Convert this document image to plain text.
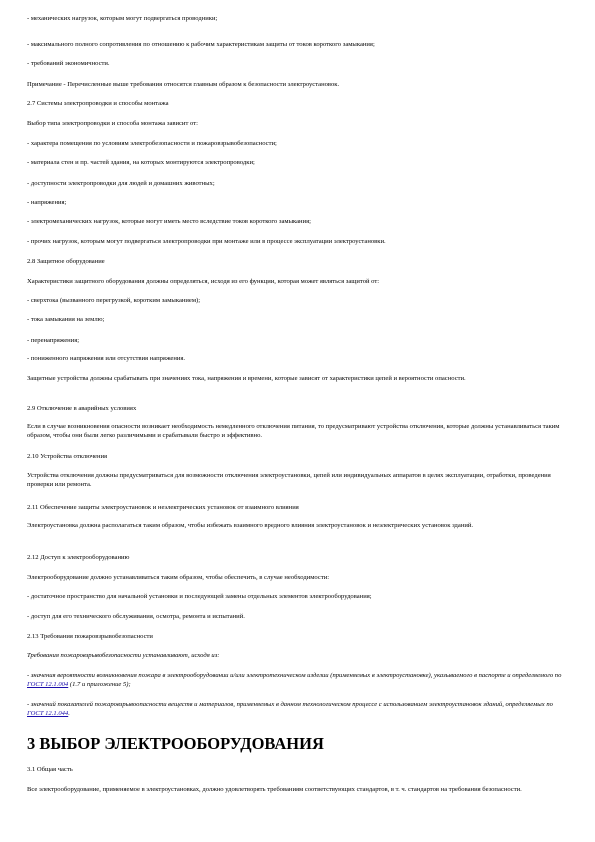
- механических нагрузок, которым могут подвергаться проводники;
- максимального полного сопротивления по отношению к рабочим характеристикам защиты от токов короткого замыкания;
- требований экономичности.
Примечание - Перечисленные выше требования относятся главным образом к безопасности электроустановок.
2.7 Системы электропроводки и способы монтажа
Выбор типа электропроводки и способа монтажа зависит от:
- характера помещения по условиям электробезопасности и пожаровзрывобезопасности;
- материала стен и пр. частей здания, на которых монтируются электропроводки;
- доступности электропроводки для людей и домашних животных;
- напряжения;
- электромеханических нагрузок, которые могут иметь место вследствие токов короткого замыкания;
- прочих нагрузок, которым могут подвергаться электропроводки при монтаже или в процессе эксплуатации электроустановки.
2.8 Защитное оборудование
Характеристики защитного оборудования должны определяться, исходя из его функции, которая может являться защитой от:
- сверхтока (вызванного перегрузкой, коротким замыканием);
- тока замыкания на землю;
- перенапряжения;
- пониженного напряжения или отсутствия напряжения.
Защитные устройства должны срабатывать при значениях тока, напряжения и времени, которые зависят от характеристики цепей и вероятности опасности.
2.9 Отключение в аварийных условиях
Если в случае возникновения опасности возникает необходимость немедленного отключения питания, то предусматривают устройства отключения, которые должны устанавливаться таким образом, чтобы они были легко различимыми и срабатывали быстро и эффективно.
2.10 Устройства отключения
Устройства отключения должны предусматриваться для возможности отключения электроустановки, цепей или индивидуальных аппаратов в целях эксплуатации, отработки, проведения проверки или ремонта.
2.11 Обеспечение защиты электроустановок и неэлектрических установок от взаимного влияния
Электроустановка должна располагаться таким образом, чтобы избежать взаимного вредного влияния электроустановок и неэлектрических установок зданий.
2.12 Доступ к электрооборудованию
Электрооборудование должно устанавливаться таким образом, чтобы обеспечить, в случае необходимости:
- достаточное пространство для начальной установки и последующей замены отдельных элементов электрооборудования;
- доступ для его технического обслуживания, осмотра, ремонта и испытаний.
2.13 Требования пожаровзрывобезопасности
Требования пожаровзрывобезопасности устанавливают, исходя из:
- значения вероятности возникновения пожара в электрооборудовании и/или электротехническом изделии (применяемых в электроустановке), указываемого в паспорте и определяемого по ГОСТ 12.1.004 (1.7 и приложение 5);
- значений показателей пожаровзрывоопасности веществ и материалов, применяемых в данном технологическом процессе с использованием электроустановок зданий, определяемых по ГОСТ 12.1.044.
3 ВЫБОР ЭЛЕКТРООБОРУДОВАНИЯ
3.1 Общая часть
Все электрооборудование, применяемое в электроустановках, должно удовлетворять требованиям соответствующих стандартов, в т. ч. стандартов на требования безопасности.
